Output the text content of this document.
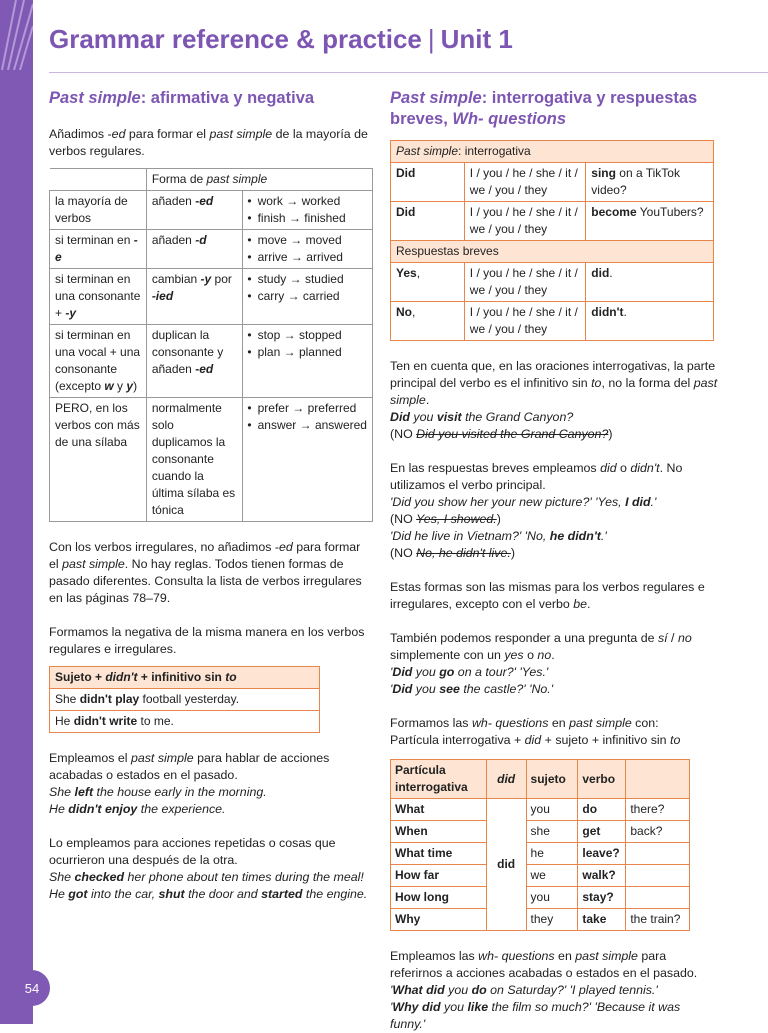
54
Grammar reference & practice | Unit 1
Past simple: afirmativa y negativa

Añadimos -ed para formar el past simple de la mayoría de verbos regulares.

	Forma de past simple	
la mayoría de verbos	añaden -ed	• work → worked
• finish → finished

si terminan en -e	añaden -d	• move → moved
• arrive → arrived

si terminan en una consonante + -y	cambian -y por -ied	• study → studied
• carry → carried

si terminan en una vocal + una consonante (excepto w y y)	duplican la consonante y añaden -ed	• stop → stopped
• plan → planned

PERO, en los verbos con más de una sílaba	normalmente solo duplicamos la consonante cuando la última sílaba es tónica	• prefer → preferred
• answer → answered

Con los verbos irregulares, no añadimos -ed para formar el past simple. No hay reglas. Todos tienen formas de pasado diferentes. Consulta la lista de verbos irregulares en las páginas 78–79.

Formamos la negativa de la misma manera en los verbos regulares e irregulares.

Sujeto + didn't + infinitivo sin to
She didn't play football yesterday.
He didn't write to me.

Empleamos el past simple para hablar de acciones acabadas o estados en el pasado.

She left the house early in the morning.

He didn't enjoy the experience.

Lo empleamos para acciones repetidas o cosas que ocurrieron una después de la otra.

She checked her phone about ten times during the meal!

He got into the car, shut the door and started the engine.

Past simple: interrogativa y respuestas breves, Wh- questions
Past simple: interrogativa		
Did	I / you / he / she / it / we / you / they	sing on a TikTok video?
Did	I / you / he / she / it / we / you / they	become YouTubers?
Respuestas breves		
Yes,	I / you / he / she / it / we / you / they	did.
No,	I / you / he / she / it / we / you / they	didn't.

Ten en cuenta que, en las oraciones interrogativas, la parte principal del verbo es el infinitivo sin to, no la forma del past simple.

Did you visit the Grand Canyon?

(NO Did you visited the Grand Canyon?)

En las respuestas breves empleamos did o didn't. No utilizamos el verbo principal.

'Did you show her your new picture?' 'Yes, I did.'

(NO Yes, I showed.)

'Did he live in Vietnam?' 'No, he didn't.'

(NO No, he didn't live.)

Estas formas son las mismas para los verbos regulares e irregulares, excepto con el verbo be.

También podemos responder a una pregunta de sí / no simplemente con un yes o no.

'Did you go on a tour?' 'Yes.'

'Did you see the castle?' 'No.'

Formamos las wh- questions en past simple con:

Partícula interrogativa + did + sujeto + infinitivo sin to

Partícula interrogativa	did	sujeto	verbo	
What	did	you	do	there?
When		she	get	back?
What time		he	leave?	
How far		we	walk?	
How long		you	stay?	
Why		they	take	the train?

Empleamos las wh- questions en past simple para referirnos a acciones acabadas o estados en el pasado.

'What did you do on Saturday?' 'I played tennis.'

'Why did you like the film so much?' 'Because it was funny.'
